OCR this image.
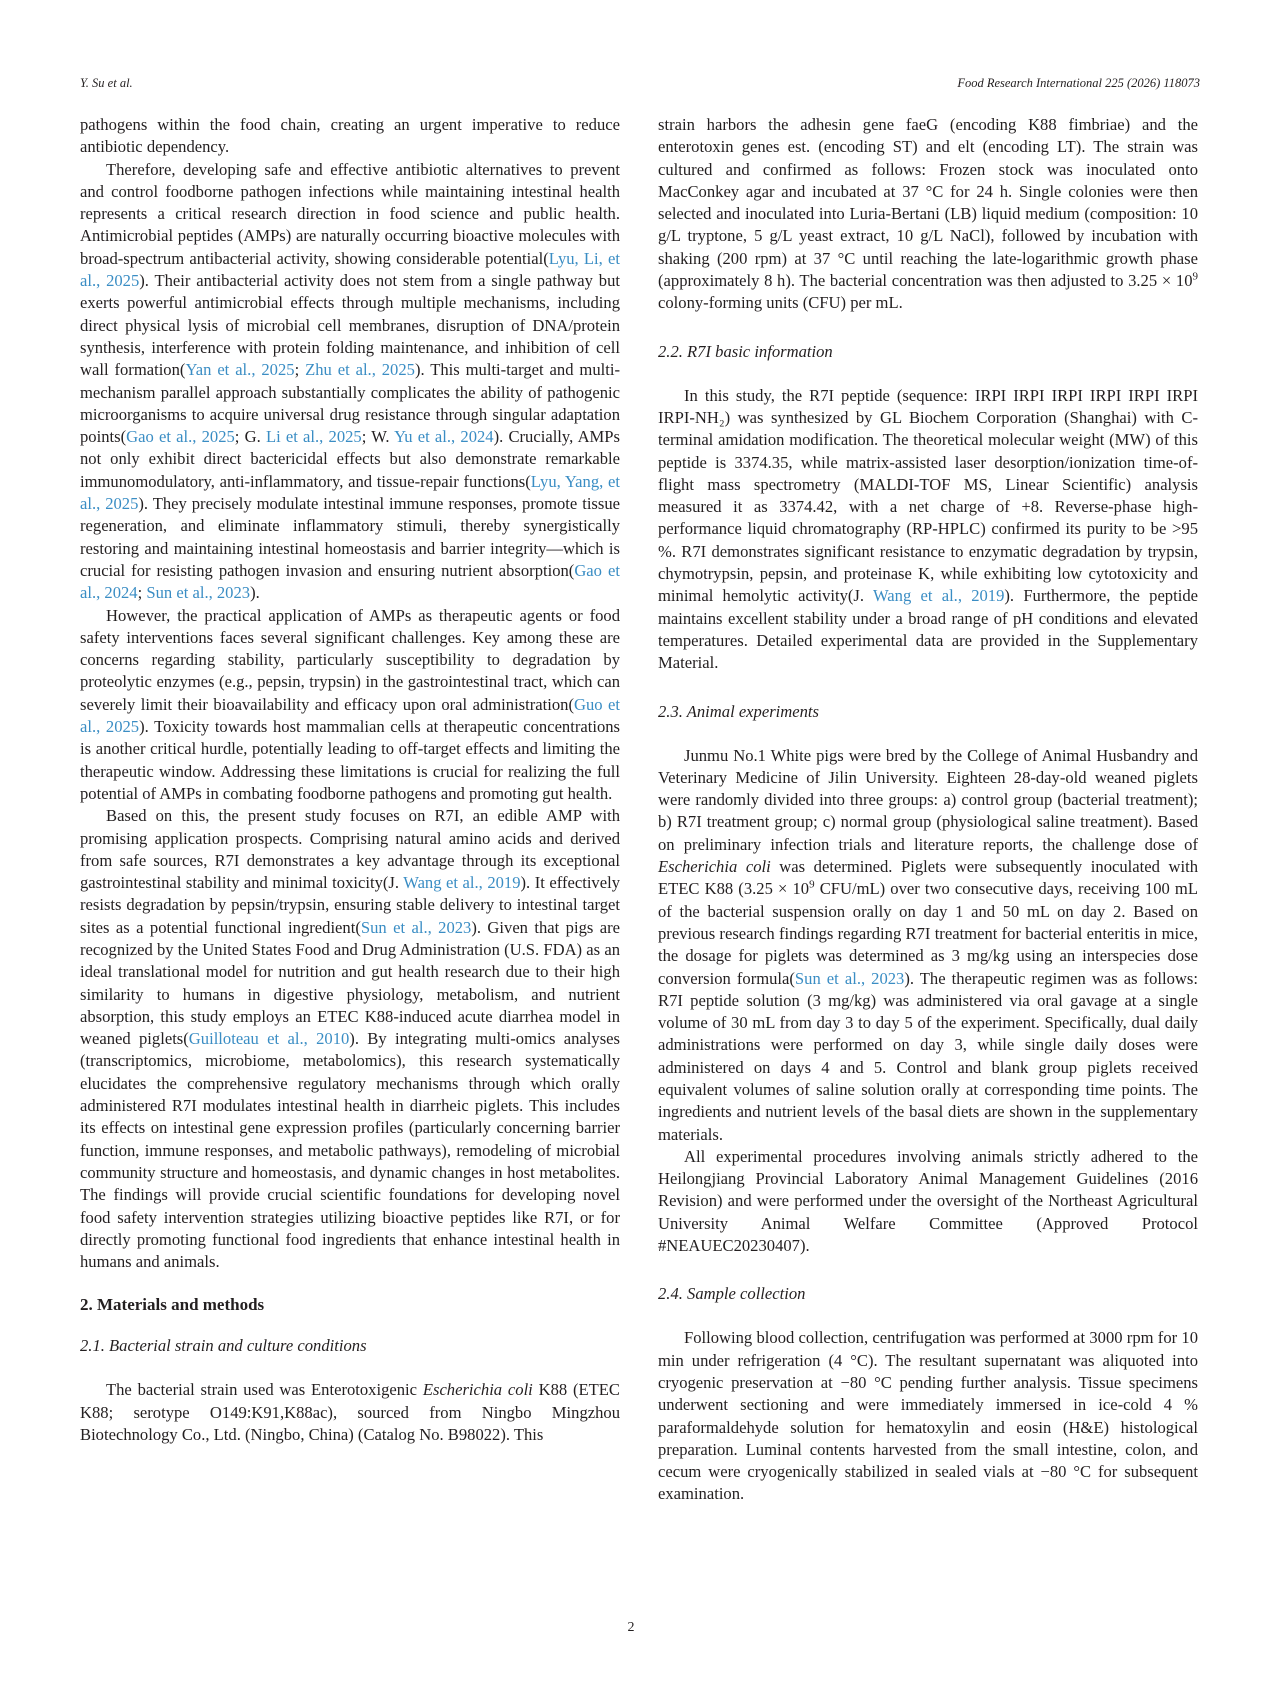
Y. Su et al.	Food Research International 225 (2026) 118073

pathogens within the food chain, creating an urgent imperative to reduce antibiotic dependency.

Therefore, developing safe and effective antibiotic alternatives to prevent and control foodborne pathogen infections while maintaining intestinal health represents a critical research direction in food science and public health. Antimicrobial peptides (AMPs) are naturally occurring bioactive molecules with broad-spectrum antibacterial activity, showing considerable potential(Lyu, Li, et al., 2025). Their antibacterial activity does not stem from a single pathway but exerts powerful antimicrobial effects through multiple mechanisms, including direct physical lysis of microbial cell membranes, disruption of DNA/protein synthesis, interference with protein folding maintenance, and inhibition of cell wall formation(Yan et al., 2025; Zhu et al., 2025). This multi-target and multi-mechanism parallel approach substantially complicates the ability of pathogenic microorganisms to acquire universal drug resistance through singular adaptation points(Gao et al., 2025; G. Li et al., 2025; W. Yu et al., 2024). Crucially, AMPs not only exhibit direct bactericidal effects but also demonstrate remarkable immunomodulatory, anti-inflammatory, and tissue-repair functions(Lyu, Yang, et al., 2025). They precisely modulate intestinal immune responses, promote tissue regeneration, and eliminate inflammatory stimuli, thereby synergistically restoring and maintaining intestinal homeostasis and barrier integrity—which is crucial for resisting pathogen invasion and ensuring nutrient absorption(Gao et al., 2024; Sun et al., 2023).

However, the practical application of AMPs as therapeutic agents or food safety interventions faces several significant challenges. Key among these are concerns regarding stability, particularly susceptibility to degradation by proteolytic enzymes (e.g., pepsin, trypsin) in the gastrointestinal tract, which can severely limit their bioavailability and efficacy upon oral administration(Guo et al., 2025). Toxicity towards host mammalian cells at therapeutic concentrations is another critical hurdle, potentially leading to off-target effects and limiting the therapeutic window. Addressing these limitations is crucial for realizing the full potential of AMPs in combating foodborne pathogens and promoting gut health.

Based on this, the present study focuses on R7I, an edible AMP with promising application prospects. Comprising natural amino acids and derived from safe sources, R7I demonstrates a key advantage through its exceptional gastrointestinal stability and minimal toxicity(J. Wang et al., 2019). It effectively resists degradation by pepsin/trypsin, ensuring stable delivery to intestinal target sites as a potential functional ingredient(Sun et al., 2023). Given that pigs are recognized by the United States Food and Drug Administration (U.S. FDA) as an ideal translational model for nutrition and gut health research due to their high similarity to humans in digestive physiology, metabolism, and nutrient absorption, this study employs an ETEC K88-induced acute diarrhea model in weaned piglets(Guilloteau et al., 2010). By integrating multi-omics analyses (transcriptomics, microbiome, metabolomics), this research systematically elucidates the comprehensive regulatory mechanisms through which orally administered R7I modulates intestinal health in diarrheic piglets. This includes its effects on intestinal gene expression profiles (particularly concerning barrier function, immune responses, and metabolic pathways), remodeling of microbial community structure and homeostasis, and dynamic changes in host metabolites. The findings will provide crucial scientific foundations for developing novel food safety intervention strategies utilizing bioactive peptides like R7I, or for directly promoting functional food ingredients that enhance intestinal health in humans and animals.

2. Materials and methods

2.1. Bacterial strain and culture conditions

The bacterial strain used was Enterotoxigenic Escherichia coli K88 (ETEC K88; serotype O149:K91,K88ac), sourced from Ningbo Mingzhou Biotechnology Co., Ltd. (Ningbo, China) (Catalog No. B98022). This

strain harbors the adhesin gene faeG (encoding K88 fimbriae) and the enterotoxin genes est. (encoding ST) and elt (encoding LT). The strain was cultured and confirmed as follows: Frozen stock was inoculated onto MacConkey agar and incubated at 37 °C for 24 h. Single colonies were then selected and inoculated into Luria-Bertani (LB) liquid medium (composition: 10 g/L tryptone, 5 g/L yeast extract, 10 g/L NaCl), followed by incubation with shaking (200 rpm) at 37 °C until reaching the late-logarithmic growth phase (approximately 8 h). The bacterial concentration was then adjusted to $3.25 \times 10^9$ colony-forming units (CFU) per mL.

2.2. R7I basic information

In this study, the R7I peptide (sequence: IRPI IRPI IRPI IRPI IRPI IRPI IRPI-NH₂) was synthesized by GL Biochem Corporation (Shanghai) with C-terminal amidation modification. The theoretical molecular weight (MW) of this peptide is 3374.35, while matrix-assisted laser desorption/ionization time-of-flight mass spectrometry (MALDI-TOF MS, Linear Scientific) analysis measured it as 3374.42, with a net charge of +8. Reverse-phase high-performance liquid chromatography (RP-HPLC) confirmed its purity to be >95 %. R7I demonstrates significant resistance to enzymatic degradation by trypsin, chymotrypsin, pepsin, and proteinase K, while exhibiting low cytotoxicity and minimal hemolytic activity(J. Wang et al., 2019). Furthermore, the peptide maintains excellent stability under a broad range of pH conditions and elevated temperatures. Detailed experimental data are provided in the Supplementary Material.

2.3. Animal experiments

Junmu No.1 White pigs were bred by the College of Animal Husbandry and Veterinary Medicine of Jilin University. Eighteen 28-day-old weaned piglets were randomly divided into three groups: a) control group (bacterial treatment); b) R7I treatment group; c) normal group (physiological saline treatment). Based on preliminary infection trials and literature reports, the challenge dose of Escherichia coli was determined. Piglets were subsequently inoculated with ETEC K88 ($3.25 \times 10^9$ CFU/mL) over two consecutive days, receiving 100 mL of the bacterial suspension orally on day 1 and 50 mL on day 2. Based on previous research findings regarding R7I treatment for bacterial enteritis in mice, the dosage for piglets was determined as 3 mg/kg using an interspecies dose conversion formula(Sun et al., 2023). The therapeutic regimen was as follows: R7I peptide solution (3 mg/kg) was administered via oral gavage at a single volume of 30 mL from day 3 to day 5 of the experiment. Specifically, dual daily administrations were performed on day 3, while single daily doses were administered on days 4 and 5. Control and blank group piglets received equivalent volumes of saline solution orally at corresponding time points. The ingredients and nutrient levels of the basal diets are shown in the supplementary materials.

All experimental procedures involving animals strictly adhered to the Heilongjiang Provincial Laboratory Animal Management Guidelines (2016 Revision) and were performed under the oversight of the Northeast Agricultural University Animal Welfare Committee (Approved Protocol #NEAUEC20230407).

2.4. Sample collection

Following blood collection, centrifugation was performed at 3000 rpm for 10 min under refrigeration (4 °C). The resultant supernatant was aliquoted into cryogenic preservation at −80 °C pending further analysis. Tissue specimens underwent sectioning and were immediately immersed in ice-cold 4 % paraformaldehyde solution for hematoxylin and eosin (H&E) histological preparation. Luminal contents harvested from the small intestine, colon, and cecum were cryogenically stabilized in sealed vials at −80 °C for subsequent examination.

2
